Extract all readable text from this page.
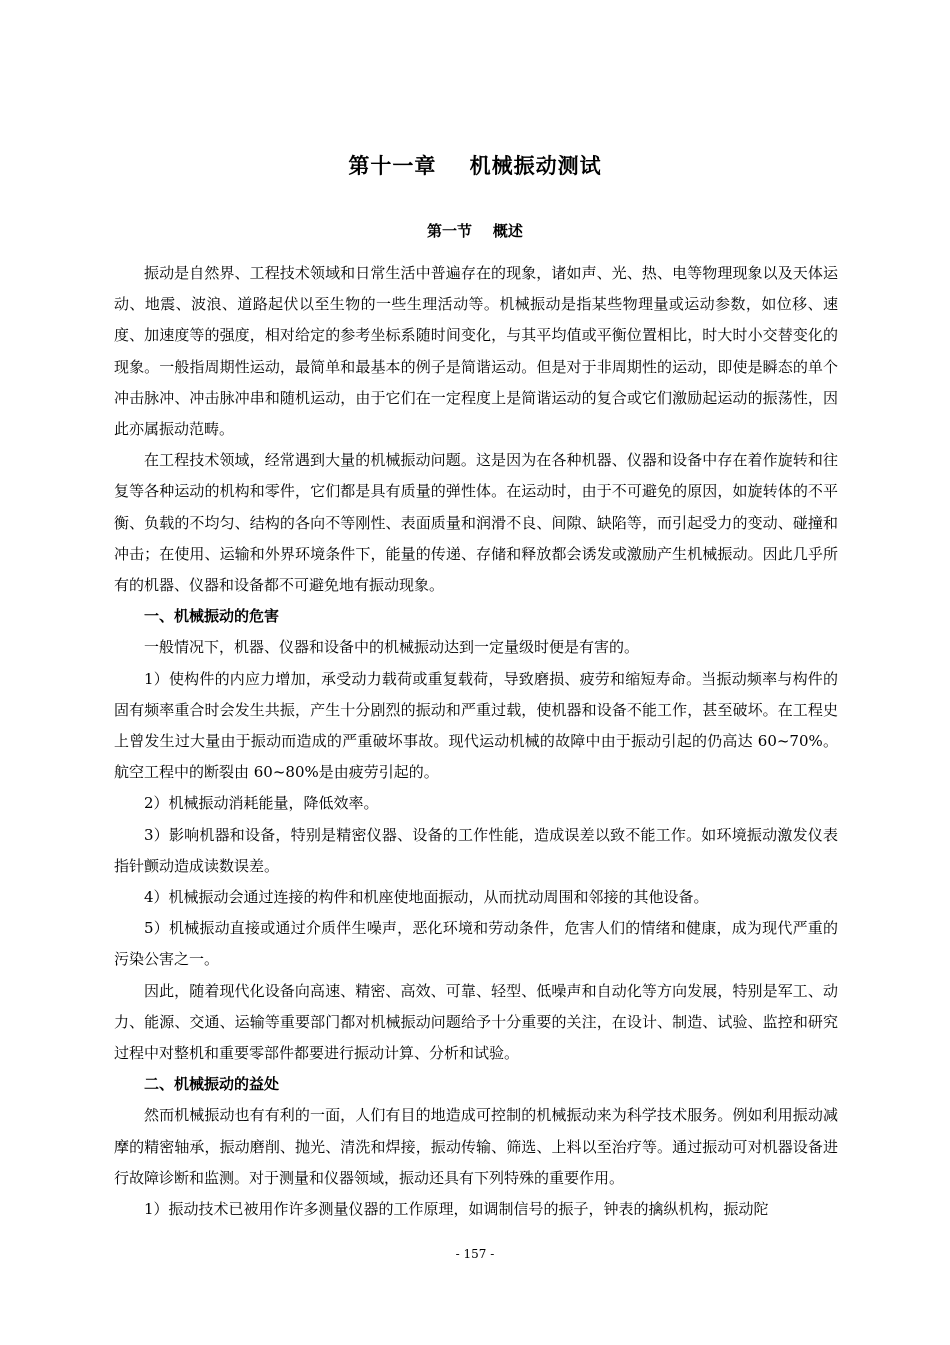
第十一章    机械振动测试
第一节    概述

振动是自然界、工程技术领域和日常生活中普遍存在的现象，诸如声、光、热、电等物理现象以及天体运动、地震、波浪、道路起伏以至生物的一些生理活动等。机械振动是指某些物理量或运动参数，如位移、速度、加速度等的强度，相对给定的参考坐标系随时间变化，与其平均值或平衡位置相比，时大时小交替变化的现象。一般指周期性运动，最简单和最基本的例子是简谐运动。但是对于非周期性的运动，即使是瞬态的单个冲击脉冲、冲击脉冲串和随机运动，由于它们在一定程度上是简谐运动的复合或它们激励起运动的振荡性，因此亦属振动范畴。

在工程技术领域，经常遇到大量的机械振动问题。这是因为在各种机器、仪器和设备中存在着作旋转和往复等各种运动的机构和零件，它们都是具有质量的弹性体。在运动时，由于不可避免的原因，如旋转体的不平衡、负载的不均匀、结构的各向不等刚性、表面质量和润滑不良、间隙、缺陷等，而引起受力的变动、碰撞和冲击；在使用、运输和外界环境条件下，能量的传递、存储和释放都会诱发或激励产生机械振动。因此几乎所有的机器、仪器和设备都不可避免地有振动现象。

一、机械振动的危害

一般情况下，机器、仪器和设备中的机械振动达到一定量级时便是有害的。

1）使构件的内应力增加，承受动力载荷或重复载荷，导致磨损、疲劳和缩短寿命。当振动频率与构件的固有频率重合时会发生共振，产生十分剧烈的振动和严重过载，使机器和设备不能工作，甚至破坏。在工程史上曾发生过大量由于振动而造成的严重破坏事故。现代运动机械的故障中由于振动引起的仍高达 60~70%。航空工程中的断裂由 60~80%是由疲劳引起的。

2）机械振动消耗能量，降低效率。

3）影响机器和设备，特别是精密仪器、设备的工作性能，造成误差以致不能工作。如环境振动激发仪表指针颤动造成读数误差。

4）机械振动会通过连接的构件和机座使地面振动，从而扰动周围和邻接的其他设备。

5）机械振动直接或通过介质伴生噪声，恶化环境和劳动条件，危害人们的情绪和健康，成为现代严重的污染公害之一。

因此，随着现代化设备向高速、精密、高效、可靠、轻型、低噪声和自动化等方向发展，特别是军工、动力、能源、交通、运输等重要部门都对机械振动问题给予十分重要的关注，在设计、制造、试验、监控和研究过程中对整机和重要零部件都要进行振动计算、分析和试验。

二、机械振动的益处

然而机械振动也有有利的一面，人们有目的地造成可控制的机械振动来为科学技术服务。例如利用振动减摩的精密轴承，振动磨削、抛光、清洗和焊接，振动传输、筛选、上料以至治疗等。通过振动可对机器设备进行故障诊断和监测。对于测量和仪器领域，振动还具有下列特殊的重要作用。

1）振动技术已被用作许多测量仪器的工作原理，如调制信号的振子，钟表的擒纵机构，振动陀

- 157 -
